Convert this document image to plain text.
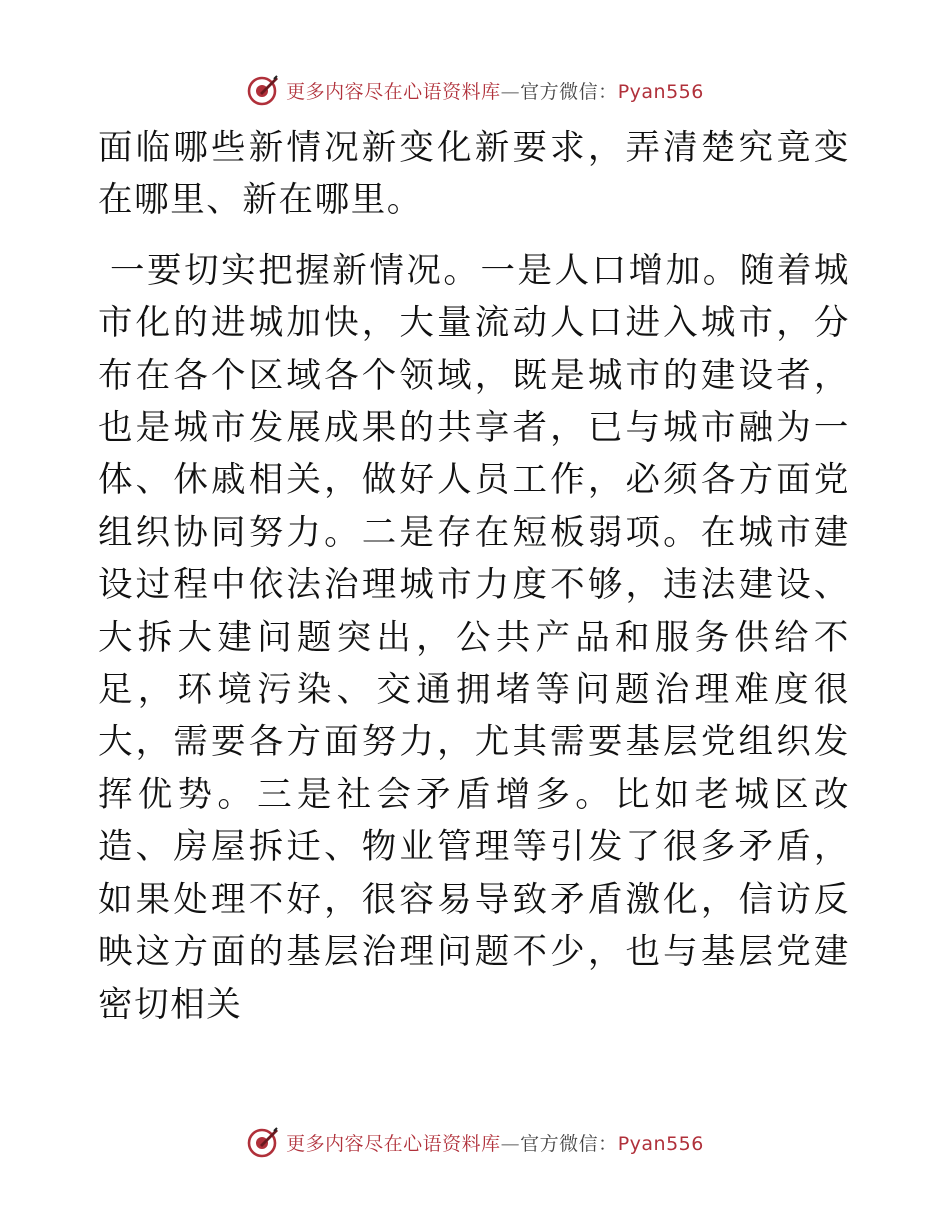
更多内容尽在心语资料库—官方微信：Pyan556

面临哪些新情况新变化新要求，弄清楚究竟变在哪里、新在哪里。

一要切实把握新情况。一是人口增加。随着城市化的进城加快，大量流动人口进入城市，分布在各个区域各个领域，既是城市的建设者，也是城市发展成果的共享者，已与城市融为一体、休戚相关，做好人员工作，必须各方面党组织协同努力。二是存在短板弱项。在城市建设过程中依法治理城市力度不够，违法建设、大拆大建问题突出，公共产品和服务供给不足，环境污染、交通拥堵等问题治理难度很大，需要各方面努力，尤其需要基层党组织发挥优势。三是社会矛盾增多。比如老城区改造、房屋拆迁、物业管理等引发了很多矛盾，如果处理不好，很容易导致矛盾激化，信访反映这方面的基层治理问题不少，也与基层党建密切相关

更多内容尽在心语资料库—官方微信：Pyan556
